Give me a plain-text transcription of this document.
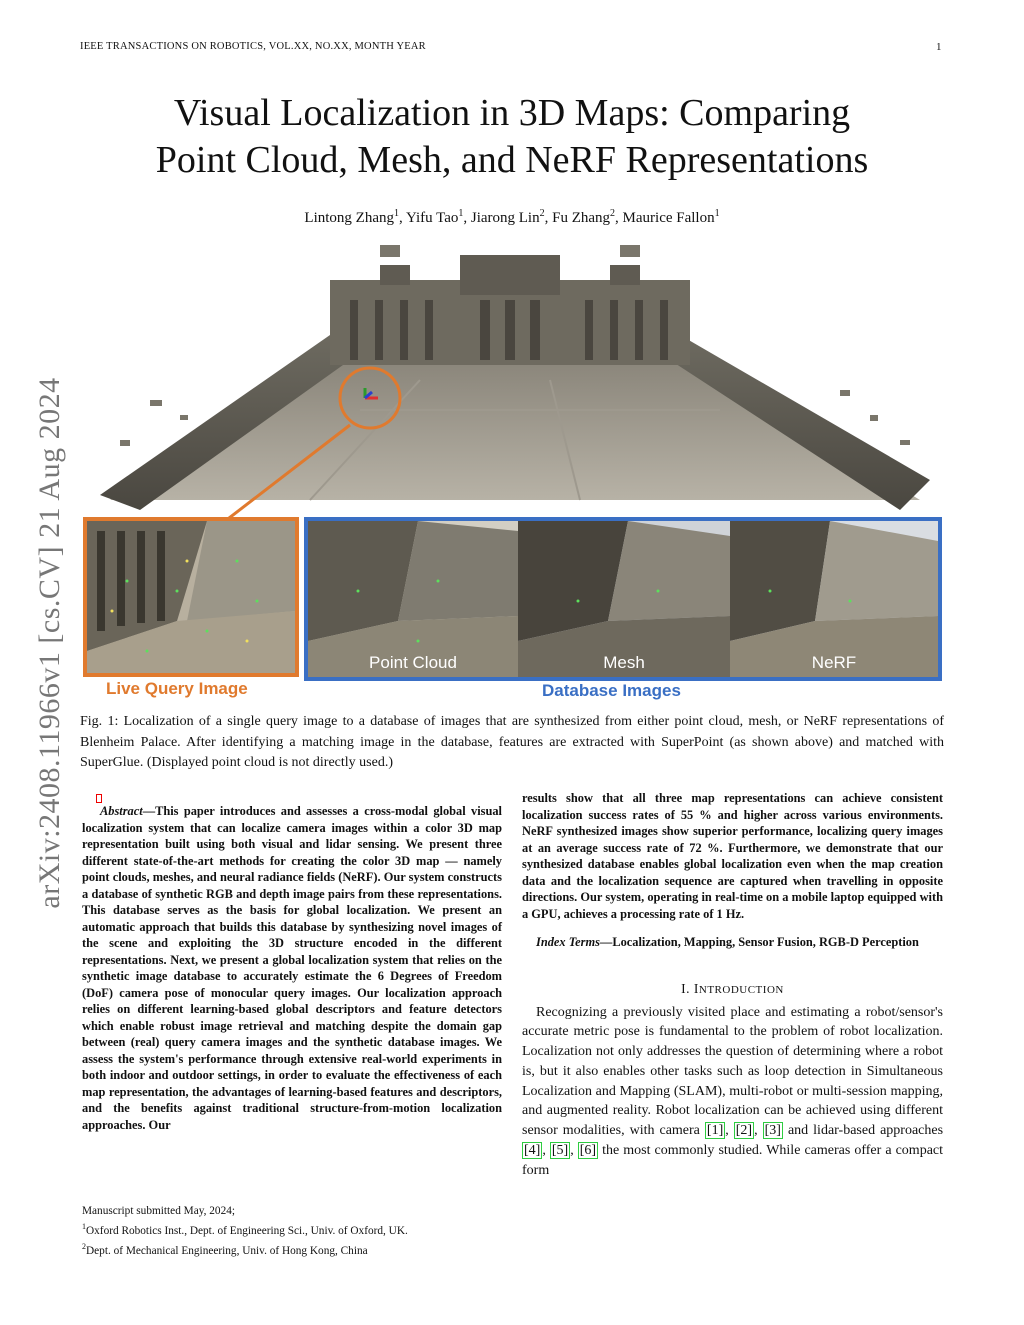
IEEE TRANSACTIONS ON ROBOTICS, VOL.XX, NO.XX, MONTH YEAR	1
Visual Localization in 3D Maps: Comparing
Point Cloud, Mesh, and NeRF Representations
Lintong Zhang$^1$, Yifu Tao$^1$, Jiarong Lin$^2$, Fu Zhang$^2$, Maurice Fallon$^1$
arXiv:2408.11966v1 [cs.CV] 21 Aug 2024 Live Query Image
Point Cloud	Mesh	NeRF
Database Images
Fig. 1: Localization of a single query image to a database of images that are synthesized from either point cloud, mesh, or NeRF representations of Blenheim Palace. After identifying a matching image in the database, features are extracted with SuperPoint (as shown above) and matched with SuperGlue. (Displayed point cloud is not directly used.)
Abstract—This paper introduces and assesses a cross-modal global visual localization system that can localize camera images within a color 3D map representation built using both visual and lidar sensing. We present three different state-of-the-art methods for creating the color 3D map — namely point clouds, meshes, and neural radiance fields (NeRF). Our system constructs a database of synthetic RGB and depth image pairs from these representations. This database serves as the basis for global localization. We present an automatic approach that builds this database by synthesizing novel images of the scene and exploiting the 3D structure encoded in the different representations. Next, we present a global localization system that relies on the synthetic image database to accurately estimate the 6 Degrees of Freedom (DoF) camera pose of monocular query images. Our localization approach relies on different learning-based global descriptors and feature detectors which enable robust image retrieval and matching despite the domain gap between (real) query camera images and the synthetic database images. We assess the system's performance through extensive real-world experiments in both indoor and outdoor settings, in order to evaluate the effectiveness of each map representation, the advantages of learning-based features and descriptors, and the benefits against traditional structure-from-motion localization approaches. Our
results show that all three map representations can achieve consistent localization success rates of 55 % and higher across various environments. NeRF synthesized images show superior performance, localizing query images at an average success rate of 72 %. Furthermore, we demonstrate that our synthesized database enables global localization even when the map creation data and the localization sequence are captured when travelling in opposite directions. Our system, operating in real-time on a mobile laptop equipped with a GPU, achieves a processing rate of 1 Hz.
Index Terms—Localization, Mapping, Sensor Fusion, RGB-D Perception
I. INTRODUCTION
Recognizing a previously visited place and estimating a robot/sensor's accurate metric pose is fundamental to the problem of robot localization. Localization not only addresses the question of determining where a robot is, but it also enables other tasks such as loop detection in Simultaneous Localization and Mapping (SLAM), multi-robot or multi-session mapping, and augmented reality. Robot localization can be achieved using different sensor modalities, with camera [1] , [2] , [3] and lidar-based approaches [4] , [5] , [6] the most commonly studied. While cameras offer a compact form
Manuscript submitted May, 2024;
$^1$Oxford Robotics Inst., Dept. of Engineering Sci., Univ. of Oxford, UK.
$^2$Dept. of Mechanical Engineering, Univ. of Hong Kong, China
